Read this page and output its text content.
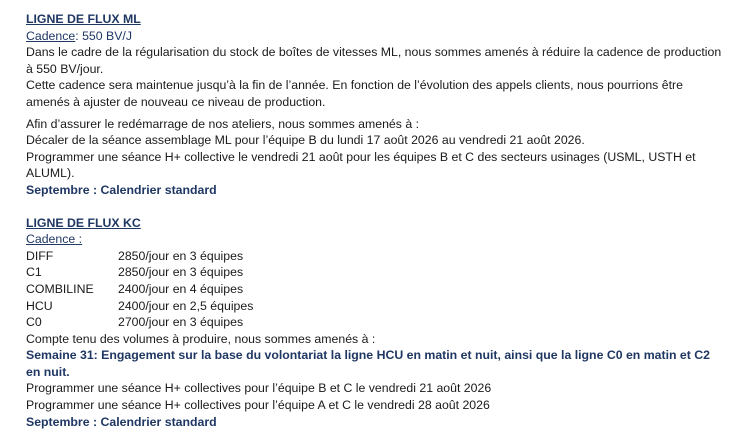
LIGNE DE FLUX ML

Cadence: 550 BV/J

Dans le cadre de la régularisation du stock de boîtes de vitesses ML, nous sommes amenés à réduire la cadence de production à 550 BV/jour.

Cette cadence sera maintenue jusqu’à la fin de l’année. En fonction de l’évolution des appels clients, nous pourrions être amenés à ajuster de nouveau ce niveau de production.

Afin d’assurer le redémarrage de nos ateliers, nous sommes amenés à :

Décaler de la séance assemblage ML pour l’équipe B du lundi 17 août 2026 au vendredi 21 août 2026.

Programmer une séance H+ collective le vendredi 21 août pour les équipes B et C des secteurs usinages (USML, USTH et ALUML).

Septembre : Calendrier standard

LIGNE DE FLUX KC

Cadence :

DIFF	2850/jour en 3 équipes
C1	2850/jour en 3 équipes
COMBILINE	2400/jour en 4 équipes
HCU	2400/jour en 2,5 équipes
C0	2700/jour en 3 équipes

Compte tenu des volumes à produire, nous sommes amenés à :

Semaine 31: Engagement sur la base du volontariat la ligne HCU en matin et nuit, ainsi que la ligne C0 en matin et C2 en nuit.

Programmer une séance H+ collectives pour l’équipe B et C le vendredi 21 août 2026

Programmer une séance H+ collectives pour l’équipe A et C le vendredi 28 août 2026

Septembre : Calendrier standard
